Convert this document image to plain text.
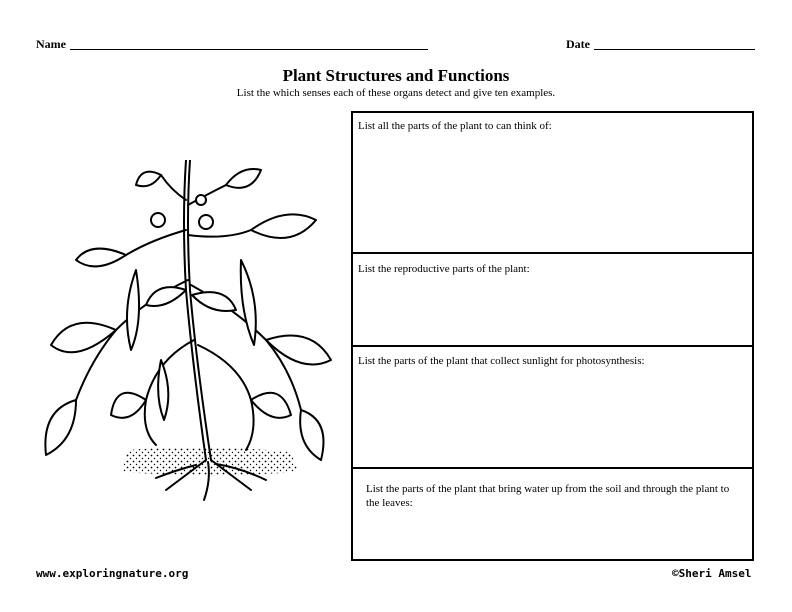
Name	Date
Plant Structures and Functions
List the which senses each of these organs detect and give ten examples.
List all the parts of the plant to can think of:
List the reproductive parts of the plant:
List the parts of the plant that collect sunlight for photosynthesis:
List the parts of the plant that bring water up from the soil and through the plant to the leaves:
www.exploringnature.org	©Sheri Amsel
